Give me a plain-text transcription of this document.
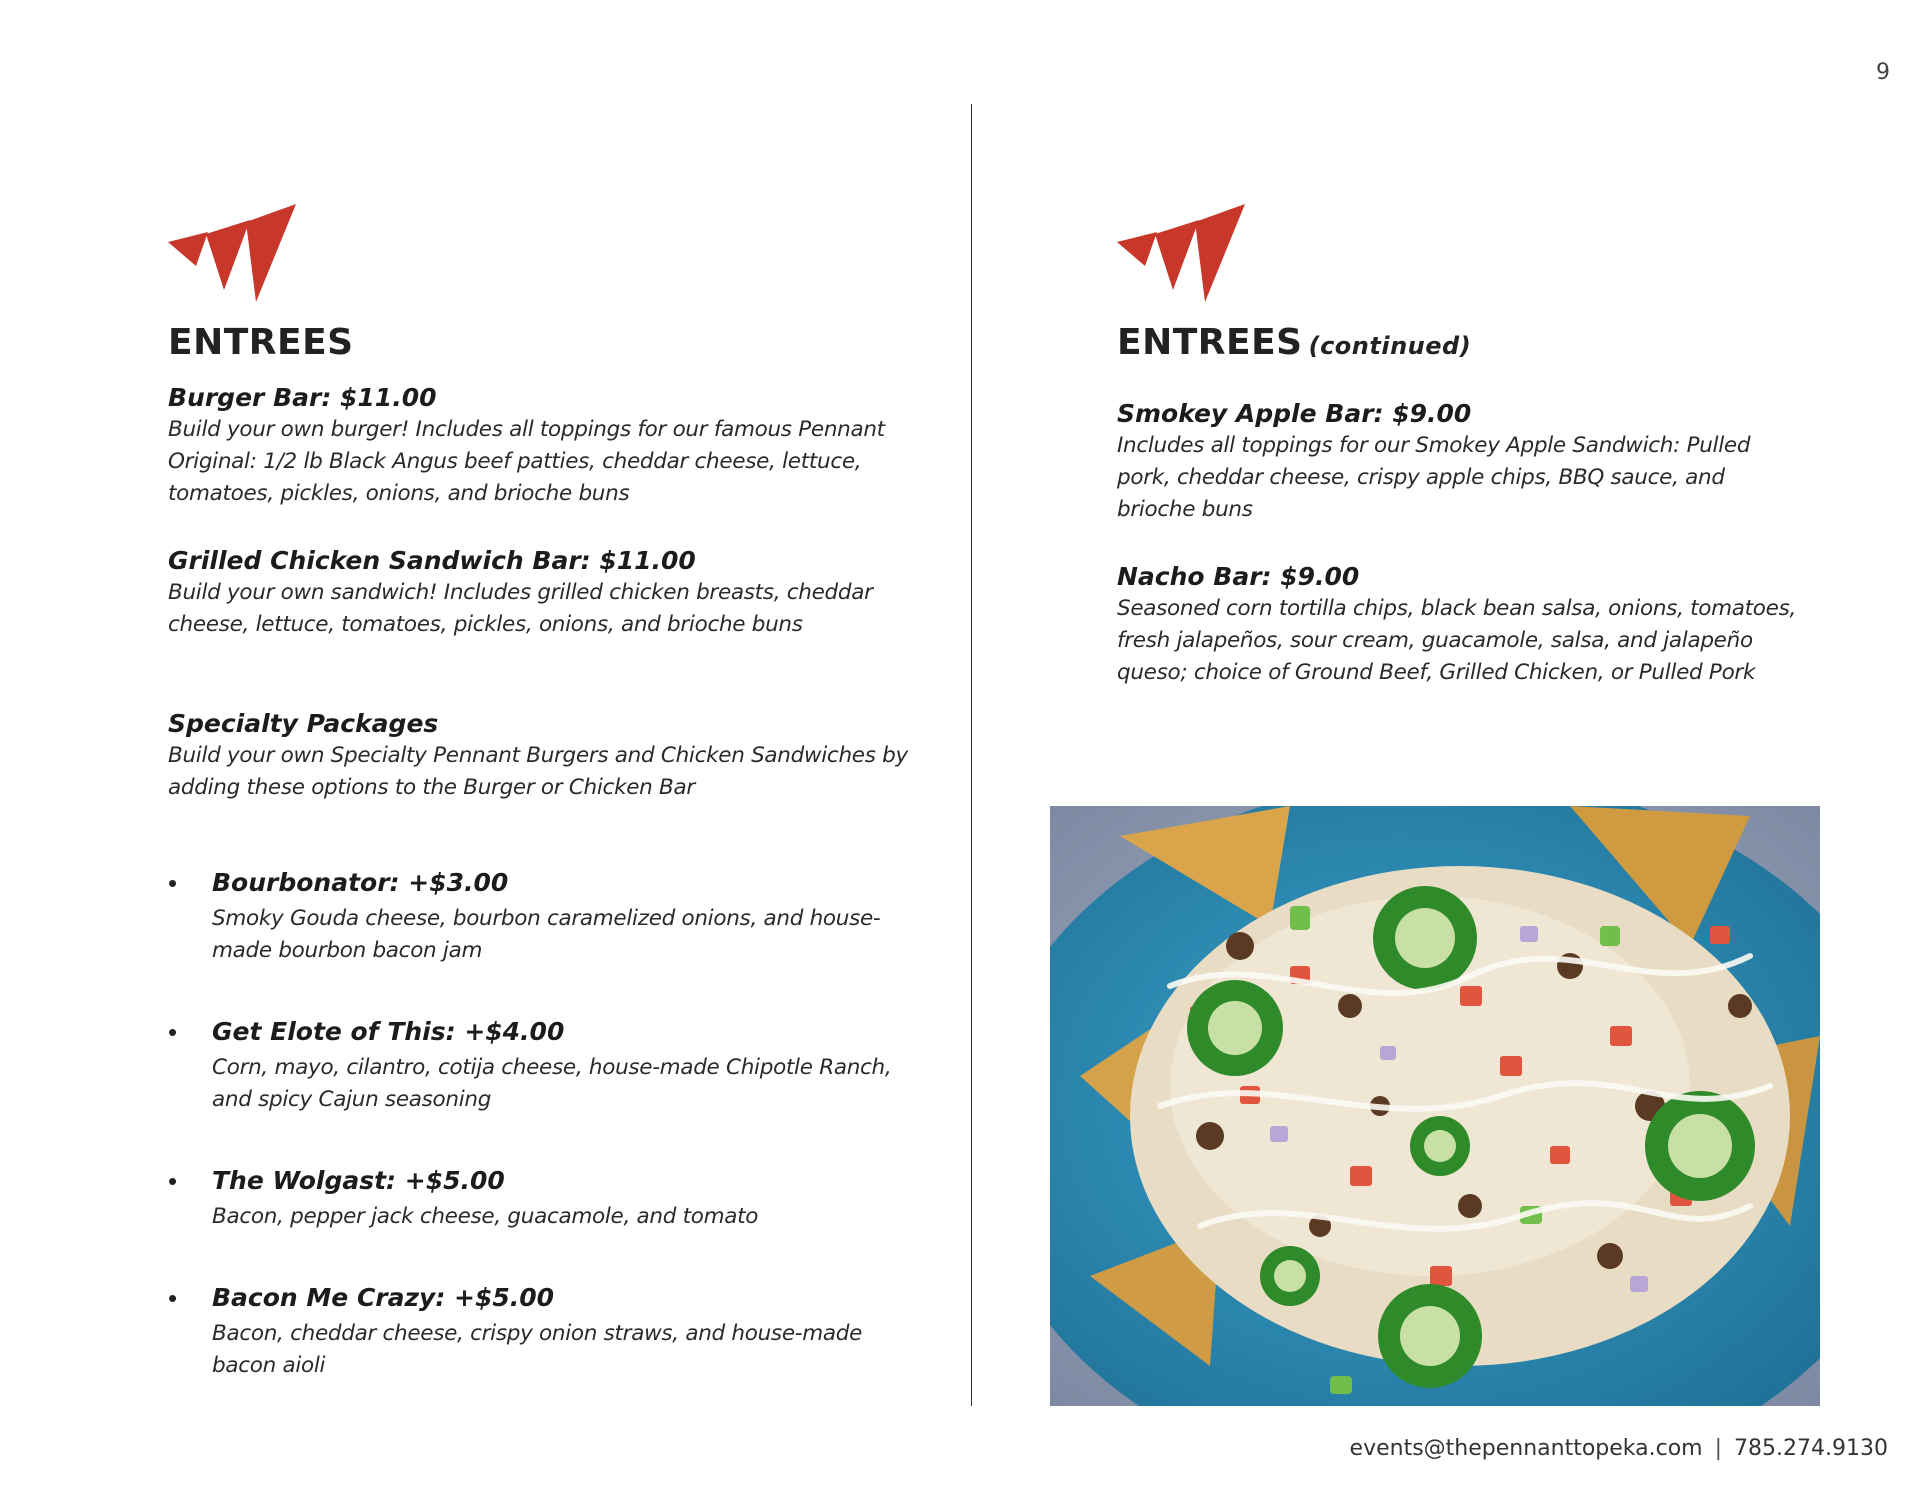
9
ENTREES

Burger Bar: $11.00

Build your own burger! Includes all toppings for our famous Pennant Original: 1/2 lb Black Angus beef patties, cheddar cheese, lettuce, tomatoes, pickles, onions, and brioche buns

Grilled Chicken Sandwich Bar: $11.00

Build your own sandwich! Includes grilled chicken breasts, cheddar cheese, lettuce, tomatoes, pickles, onions, and brioche buns

Specialty Packages

Build your own Specialty Pennant Burgers and Chicken Sandwiches by adding these options to the Burger or Chicken Bar

• Bourbonator: +$3.00

Smoky Gouda cheese, bourbon caramelized onions, and house-made bourbon bacon jam

• Get Elote of This: +$4.00

Corn, mayo, cilantro, cotija cheese, house-made Chipotle Ranch, and spicy Cajun seasoning

• The Wolgast: +$5.00

Bacon, pepper jack cheese, guacamole, and tomato

• Bacon Me Crazy: +$5.00

Bacon, cheddar cheese, crispy onion straws, and house-made bacon aioli

ENTREES (continued)

Smokey Apple Bar: $9.00

Includes all toppings for our Smokey Apple Sandwich: Pulled pork, cheddar cheese, crispy apple chips, BBQ sauce, and brioche buns

Nacho Bar: $9.00

Seasoned corn tortilla chips, black bean salsa, onions, tomatoes, fresh jalapeños, sour cream, guacamole, salsa, and jalapeño queso; choice of Ground Beef, Grilled Chicken, or Pulled Pork

events@thepennanttopeka.com | 785.274.9130
